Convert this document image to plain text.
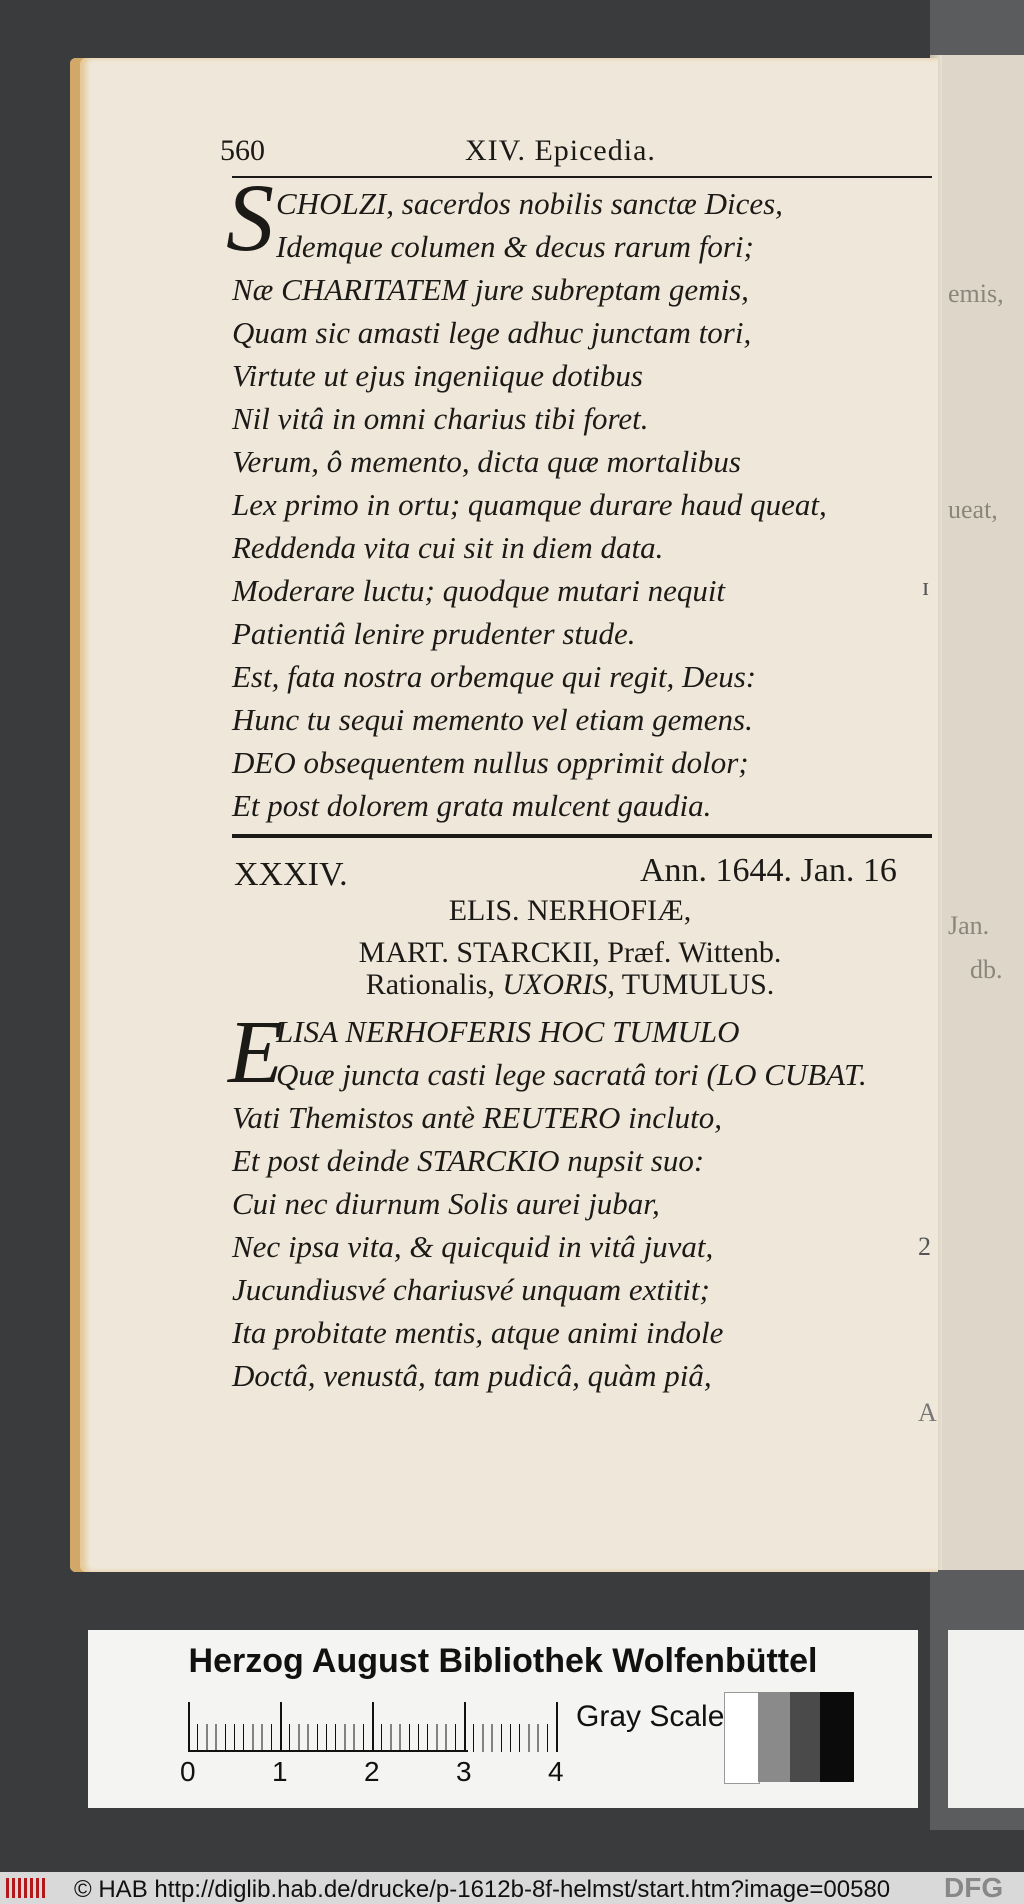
emis,
ueat,
Jan.
db.
560	XIV. Epicedia.
S CHOLZI, sacerdos nobilis sanctæ Dices,
Idemque columen & decus rarum fori;
Næ CHARITATEM jure subreptam gemis,
Quam sic amasti lege adhuc junctam tori,
Virtute ut ejus ingeniique dotibus
Nil vitâ in omni charius tibi foret.
Verum, ô memento, dicta quæ mortalibus
Lex primo in ortu; quamque durare haud queat,
Reddenda vita cui sit in diem data.
Moderare luctu; quodque mutari nequit
Patientiâ lenire prudenter stude.
Est, fata nostra orbemque qui regit, Deus:
Hunc tu sequi memento vel etiam gemens.
DEO obsequentem nullus opprimit dolor;
Et post dolorem grata mulcent gaudia.
ɪ
XXXIV.	Ann. 1644. Jan. 16
ELIS. NERHOFIÆ,
MART. STARCKII, Præf. Wittenb.
Rationalis, UXORIS, TUMULUS.
E
LISA NERHOFERIS HOC TUMULO
Quæ juncta casti lege sacratâ tori (LO CUBAT.
Vati Themistos antè REUTERO incluto,
Et post deinde STARCKIO nupsit suo:
Cui nec diurnum Solis aurei jubar,
Nec ipsa vita, & quicquid in vitâ juvat,
Jucundiusvé chariusvé unquam extitit;
Ita probitate mentis, atque animi indole
Doctâ, venustâ, tam pudicâ, quàm piâ,
2
A
Herzog August Bibliothek Wolfenbüttel
0	1	2	3	4
Gray Scale
© HAB http://diglib.hab.de/drucke/p-1612b-8f-helmst/start.htm?image=00580 DFG
